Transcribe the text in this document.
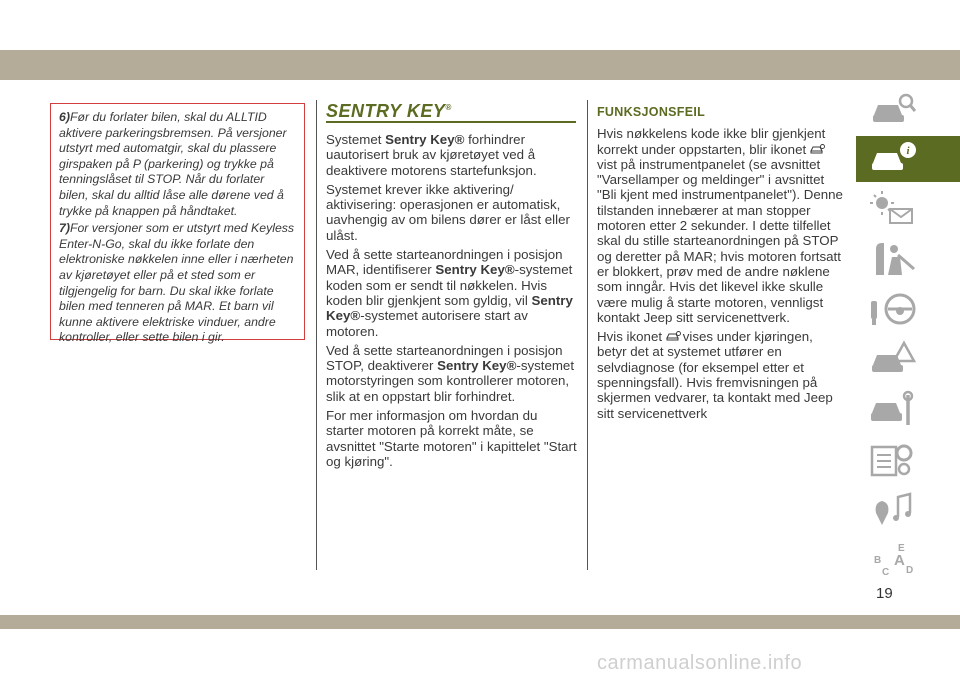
6)Før du forlater bilen, skal du ALLTID aktivere parkeringsbremsen. På versjoner utstyrt med automatgir, skal du plassere girspaken på P (parkering) og trykke på tenningslåset til STOP. Når du forlater bilen, skal du alltid låse alle dørene ved å trykke på knappen på håndtaket.

7)For versjoner som er utstyrt med Keyless Enter-N-Go, skal du ikke forlate den elektroniske nøkkelen inne eller i nærheten av kjøretøyet eller på et sted som er tilgjengelig for barn. Du skal ikke forlate bilen med tenneren på MAR. Et barn vil kunne aktivere elektriske vinduer, andre kontroller, eller sette bilen i gir.

SENTRY KEY®

Systemet Sentry Key® forhindrer uautorisert bruk av kjøretøyet ved å deaktivere motorens startefunksjon.

Systemet krever ikke aktivering/ aktivisering: operasjonen er automatisk, uavhengig av om bilens dører er låst eller ulåst.

Ved å sette starteanordningen i posisjon MAR, identifiserer Sentry Key®-systemet koden som er sendt til nøkkelen. Hvis koden blir gjenkjent som gyldig, vil Sentry Key®-systemet autorisere start av motoren.

Ved å sette starteanordningen i posisjon STOP, deaktiverer Sentry Key®-systemet motorstyringen som kontrollerer motoren, slik at en oppstart blir forhindret.

For mer informasjon om hvordan du starter motoren på korrekt måte, se avsnittet "Starte motoren" i kapittelet "Start og kjøring".

FUNKSJONSFEIL

Hvis nøkkelens kode ikke blir gjenkjent korrekt under oppstarten, blir ikonet vist på instrumentpanelet (se avsnittet "Varsellamper og meldinger" i avsnittet "Bli kjent med instrumentpanelet"). Denne tilstanden innebærer at man stopper motoren etter 2 sekunder. I dette tilfellet skal du stille starteanordningen på STOP og deretter på MAR; hvis motoren fortsatt er blokkert, prøv med de andre nøklene som inngår. Hvis det likevel ikke skulle være mulig å starte motoren, vennligst kontakt Jeep sitt servicenettverk.

Hvis ikonet vises under kjøringen, betyr det at systemet utfører en selvdiagnose (for eksempel etter et spenningsfall). Hvis fremvisningen på skjermen vedvarer, ta kontakt med Jeep sitt servicenettverk

i
E
B A
C D
19
carmanualsonline.info
